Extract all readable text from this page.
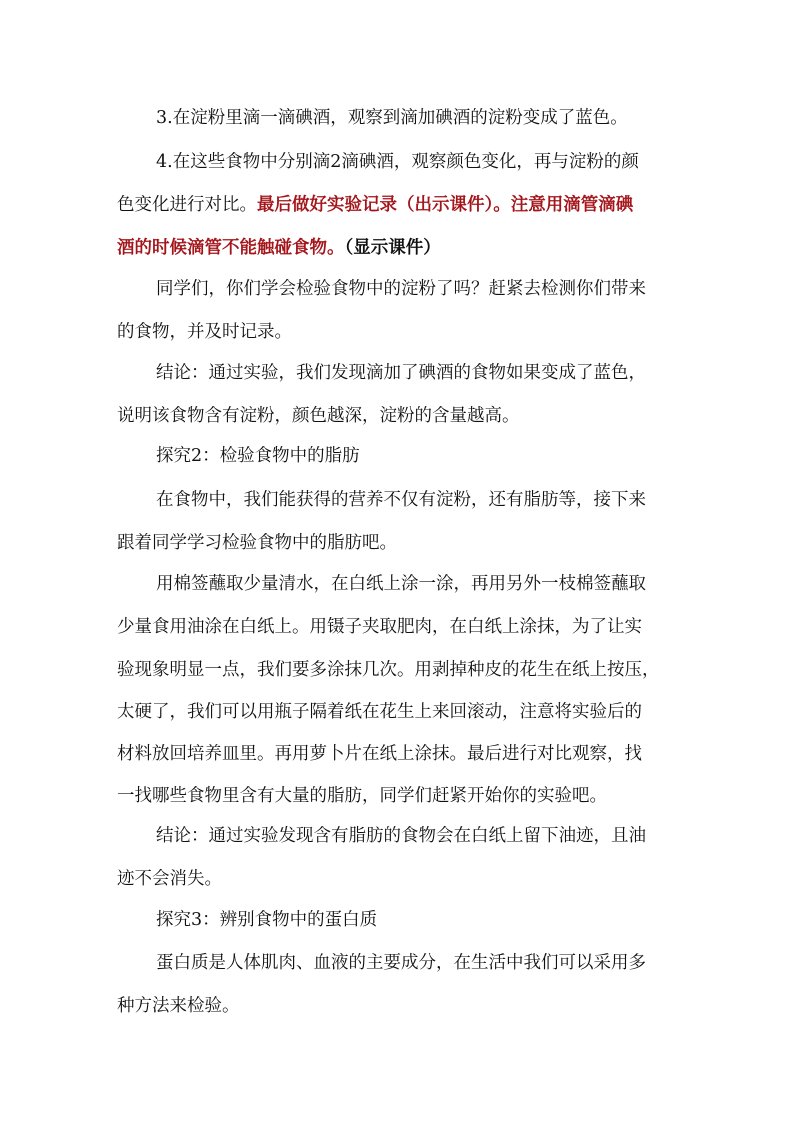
3.在淀粉里滴一滴碘酒，观察到滴加碘酒的淀粉变成了蓝色。
4.在这些食物中分别滴2滴碘酒，观察颜色变化，再与淀粉的颜
色变化进行对比。最后做好实验记录（出示课件）。注意用滴管滴碘
酒的时候滴管不能触碰食物。（显示课件）
同学们，你们学会检验食物中的淀粉了吗？赶紧去检测你们带来
的食物，并及时记录。
结论：通过实验，我们发现滴加了碘酒的食物如果变成了蓝色，
说明该食物含有淀粉，颜色越深，淀粉的含量越高。
探究2：检验食物中的脂肪
在食物中，我们能获得的营养不仅有淀粉，还有脂肪等，接下来
跟着同学学习检验食物中的脂肪吧。
用棉签蘸取少量清水，在白纸上涂一涂，再用另外一枝棉签蘸取
少量食用油涂在白纸上。用镊子夹取肥肉，在白纸上涂抹，为了让实
验现象明显一点，我们要多涂抹几次。用剥掉种皮的花生在纸上按压，
太硬了，我们可以用瓶子隔着纸在花生上来回滚动，注意将实验后的
材料放回培养皿里。再用萝卜片在纸上涂抹。最后进行对比观察，找
一找哪些食物里含有大量的脂肪，同学们赶紧开始你的实验吧。
结论：通过实验发现含有脂肪的食物会在白纸上留下油迹，且油
迹不会消失。
探究3：辨别食物中的蛋白质
蛋白质是人体肌肉、血液的主要成分，在生活中我们可以采用多
种方法来检验。
